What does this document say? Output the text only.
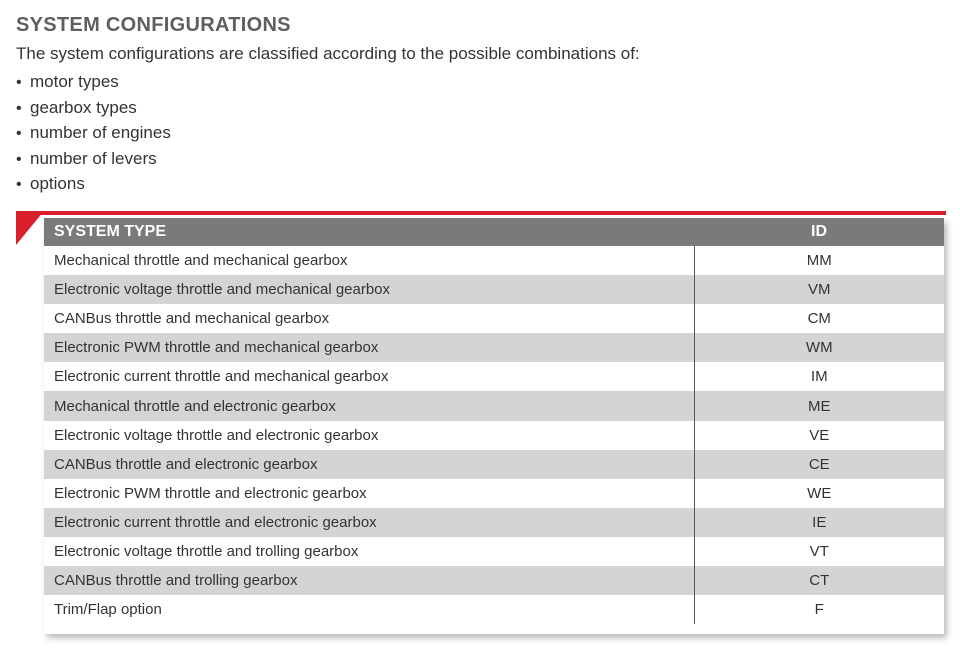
SYSTEM CONFIGURATIONS

The system configurations are classified according to the possible combinations of:

• motor types
• gearbox types
• number of engines
• number of levers
• options
SYSTEM TYPE	ID
Mechanical throttle and mechanical gearbox	MM
Electronic voltage throttle and mechanical gearbox	VM
CANBus throttle and mechanical gearbox	CM
Electronic PWM throttle and mechanical gearbox	WM
Electronic current throttle and mechanical gearbox	IM
Mechanical throttle and electronic gearbox	ME
Electronic voltage throttle and electronic gearbox	VE
CANBus throttle and electronic gearbox	CE
Electronic PWM throttle and electronic gearbox	WE
Electronic current throttle and electronic gearbox	IE
Electronic voltage throttle and trolling gearbox	VT
CANBus throttle and trolling gearbox	CT
Trim/Flap option	F
